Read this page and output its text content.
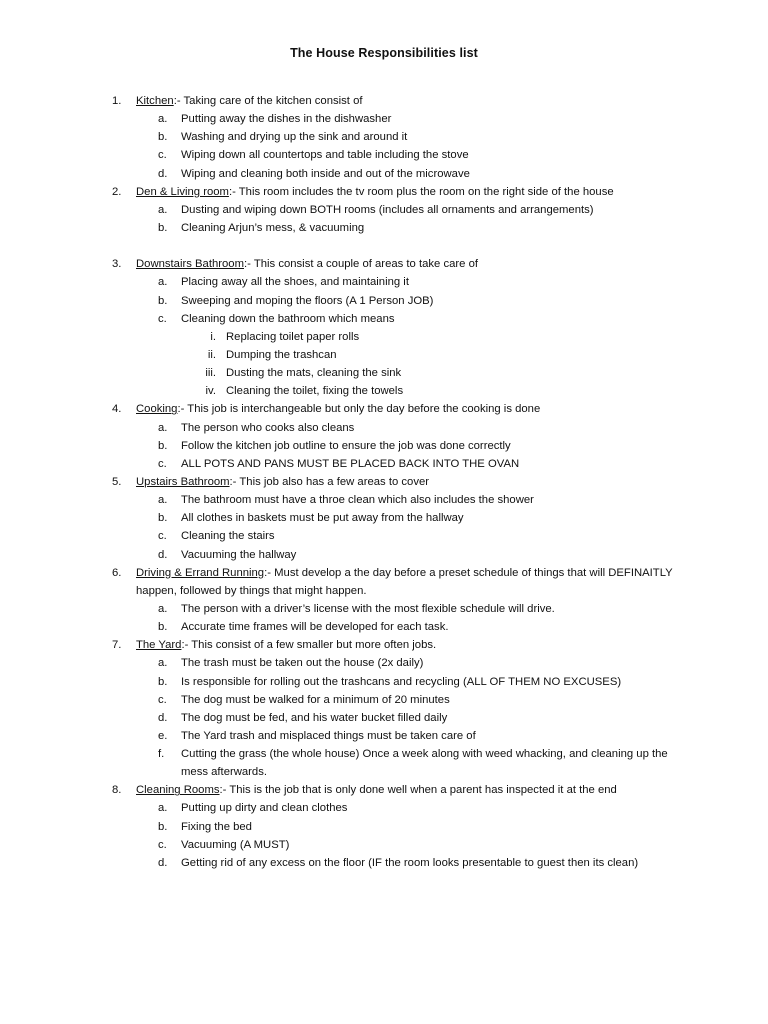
The House Responsibilities list
1. Kitchen:- Taking care of the kitchen consist of
a. Putting away the dishes in the dishwasher
b. Washing and drying up the sink and around it
c. Wiping down all countertops and table including the stove
d. Wiping and cleaning both inside and out of the microwave
2. Den & Living room:- This room includes the tv room plus the room on the right side of the house
a. Dusting and wiping down BOTH rooms (includes all ornaments and arrangements)
b. Cleaning Arjun’s mess, & vacuuming
3. Downstairs Bathroom:- This consist a couple of areas to take care of
a. Placing away all the shoes, and maintaining it
b. Sweeping and moping the floors (A 1 Person JOB)
c. Cleaning down the bathroom which means
i. Replacing toilet paper rolls
ii. Dumping the trashcan
iii. Dusting the mats, cleaning the sink
iv. Cleaning the toilet, fixing the towels
4. Cooking:- This job is interchangeable but only the day before the cooking is done
a. The person who cooks also cleans
b. Follow the kitchen job outline to ensure the job was done correctly
c. ALL POTS AND PANS MUST BE PLACED BACK INTO THE OVAN
5. Upstairs Bathroom:- This job also has a few areas to cover
a. The bathroom must have a throe clean which also includes the shower
b. All clothes in baskets must be put away from the hallway
c. Cleaning the stairs
d. Vacuuming the hallway
6. Driving & Errand Running:- Must develop a the day before a preset schedule of things that will DEFINAITLY
happen, followed by things that might happen.
a. The person with a driver’s license with the most flexible schedule will drive.
b. Accurate time frames will be developed for each task.
7. The Yard:- This consist of a few smaller but more often jobs.
a. The trash must be taken out the house (2x daily)
b. Is responsible for rolling out the trashcans and recycling (ALL OF THEM NO EXCUSES)
c. The dog must be walked for a minimum of 20 minutes
d. The dog must be fed, and his water bucket filled daily
e. The Yard trash and misplaced things must be taken care of
f.	Cutting the grass (the whole house) Once a week along with weed whacking, and cleaning up the
mess afterwards.
8. Cleaning Rooms:- This is the job that is only done well when a parent has inspected it at the end
a. Putting up dirty and clean clothes
b. Fixing the bed
c. Vacuuming (A MUST)
d. Getting rid of any excess on the floor (IF the room looks presentable to guest then its clean)
